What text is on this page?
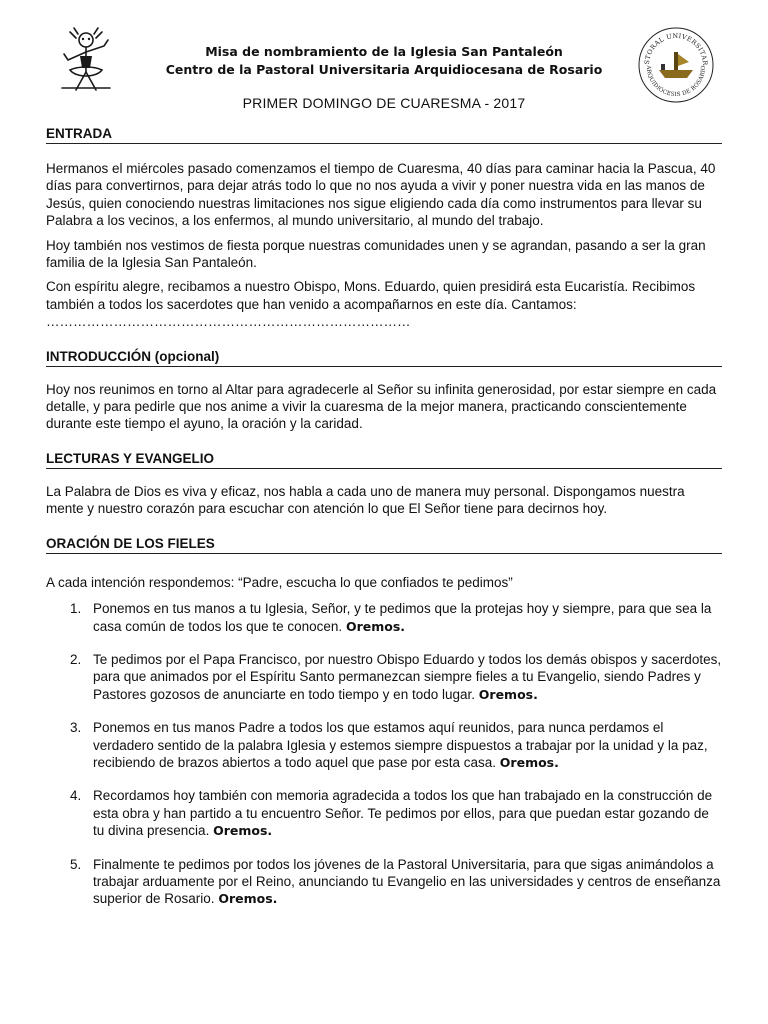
STORAL UNIVERSITAR
ARQUIDIÓCESIS DE ROSARIO
Misa de nombramiento de la Iglesia San Pantaleón
Centro de la Pastoral Universitaria Arquidiocesana de Rosario
PRIMER DOMINGO DE CUARESMA - 2017
ENTRADA

Hermanos el miércoles pasado comenzamos el tiempo de Cuaresma, 40 días para caminar hacia la Pascua, 40 días para convertirnos, para dejar atrás todo lo que no nos ayuda a vivir y poner nuestra vida en las manos de Jesús, quien conociendo nuestras limitaciones nos sigue eligiendo cada día como instrumentos para llevar su Palabra a los vecinos, a los enfermos, al mundo universitario, al mundo del trabajo.

Hoy también nos vestimos de fiesta porque nuestras comunidades unen y se agrandan, pasando a ser la gran familia de la Iglesia San Pantaleón.

Con espíritu alegre, recibamos a nuestro Obispo, Mons. Eduardo, quien presidirá esta Eucaristía. Recibimos también a todos los sacerdotes que han venido a acompañarnos en este día. Cantamos:

………………………………………………………………………

INTRODUCCIÓN (opcional)

Hoy nos reunimos en torno al Altar para agradecerle al Señor su infinita generosidad, por estar siempre en cada detalle, y para pedirle que nos anime a vivir la cuaresma de la mejor manera, practicando conscientemente durante este tiempo el ayuno, la oración y la caridad.

LECTURAS Y EVANGELIO

La Palabra de Dios es viva y eficaz, nos habla a cada uno de manera muy personal. Dispongamos nuestra mente y nuestro corazón para escuchar con atención lo que El Señor tiene para decirnos hoy.

ORACIÓN DE LOS FIELES

A cada intención respondemos: “Padre, escucha lo que confiados te pedimos”

1. Ponemos en tus manos a tu Iglesia, Señor, y te pedimos que la protejas hoy y siempre, para que sea la casa común de todos los que te conocen. Oremos.
2. Te pedimos por el Papa Francisco, por nuestro Obispo Eduardo y todos los demás obispos y sacerdotes, para que animados por el Espíritu Santo permanezcan siempre fieles a tu Evangelio, siendo Padres y Pastores gozosos de anunciarte en todo tiempo y en todo lugar. Oremos.
3. Ponemos en tus manos Padre a todos los que estamos aquí reunidos, para nunca perdamos el verdadero sentido de la palabra Iglesia y estemos siempre dispuestos a trabajar por la unidad y la paz, recibiendo de brazos abiertos a todo aquel que pase por esta casa. Oremos.
4. Recordamos hoy también con memoria agradecida a todos los que han trabajado en la construcción de esta obra y han partido a tu encuentro Señor. Te pedimos por ellos, para que puedan estar gozando de tu divina presencia. Oremos.
5. Finalmente te pedimos por todos los jóvenes de la Pastoral Universitaria, para que sigas animándolos a trabajar arduamente por el Reino, anunciando tu Evangelio en las universidades y centros de enseñanza superior de Rosario. Oremos.
